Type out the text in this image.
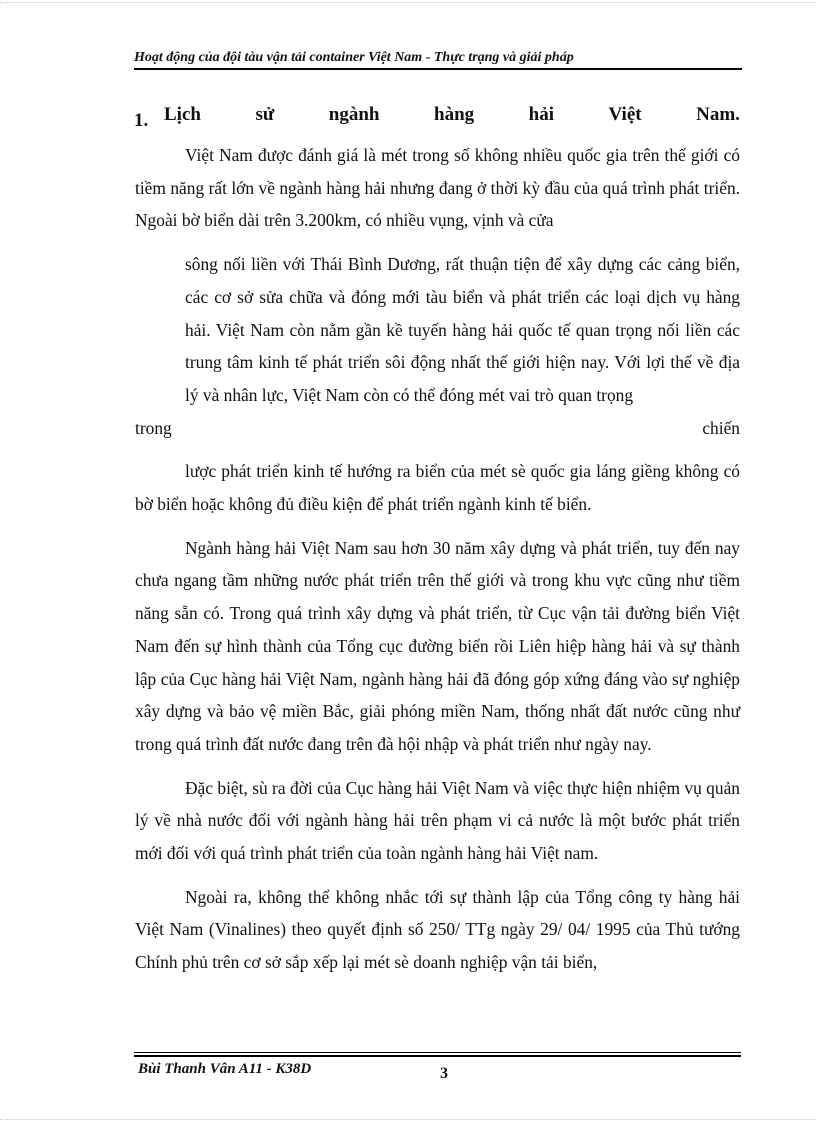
Hoạt động của đội tàu vận tải container Việt Nam - Thực trạng và giải pháp
1. Lịch	sử	ngành	hàng	hải	Việt	Nam.

Việt Nam được đánh giá là mét trong số không nhiều quốc gia trên thế giới có tiềm năng rất lớn về ngành hàng hải nhưng đang ở thời kỳ đầu của quá trình phát triển. Ngoài bờ biển dài trên 3.200km, có nhiều vụng, vịnh và cửa

sông nối liền với Thái Bình Dương, rất thuận tiện để xây dựng các cảng biển, các cơ sở sửa chữa và đóng mới tàu biển và phát triển các loại dịch vụ hàng hải. Việt Nam còn nằm gần kề tuyến hàng hải quốc tế quan trọng nối liền các trung tâm kinh tế phát triển sôi động nhất thế giới hiện nay. Với lợi thế về địa lý và nhân lực, Việt Nam còn có thể đóng mét vai trò quan trọng

trong	chiến

lược phát triển kinh tế hướng ra biển của mét sè quốc gia láng giềng không có bờ biển hoặc không đủ điều kiện để phát triển ngành kinh tế biển.

Ngành hàng hải Việt Nam sau hơn 30 năm xây dựng và phát triển, tuy đến nay chưa ngang tầm những nước phát triển trên thế giới và trong khu vực cũng như tiềm năng sẵn có. Trong quá trình xây dựng và phát triển, từ Cục vận tải đường biển Việt Nam đến sự hình thành của Tổng cục đường biển rồi Liên hiệp hàng hải và sự thành lập của Cục hàng hải Việt Nam, ngành hàng hải đã đóng góp xứng đáng vào sự nghiệp xây dựng và bảo vệ miền Bắc, giải phóng miền Nam, thống nhất đất nước cũng như trong quá trình đất nước đang trên đà hội nhập và phát triển như ngày nay.

Đặc biệt, sù ra đời của Cục hàng hải Việt Nam và việc thực hiện nhiệm vụ quản lý về nhà nước đối với ngành hàng hải trên phạm vi cả nước là một bước phát triển mới đối với quá trình phát triển của toàn ngành hàng hải Việt nam.

Ngoài ra, không thể không nhắc tới sự thành lập của Tổng công ty hàng hải Việt Nam (Vinalines) theo quyết định số 250/ TTg ngày 29/ 04/ 1995 của Thủ tướng Chính phủ trên cơ sở sắp xếp lại mét sè doanh nghiệp vận tải biển,

Bùi Thanh Vân A11 - K38D	3
